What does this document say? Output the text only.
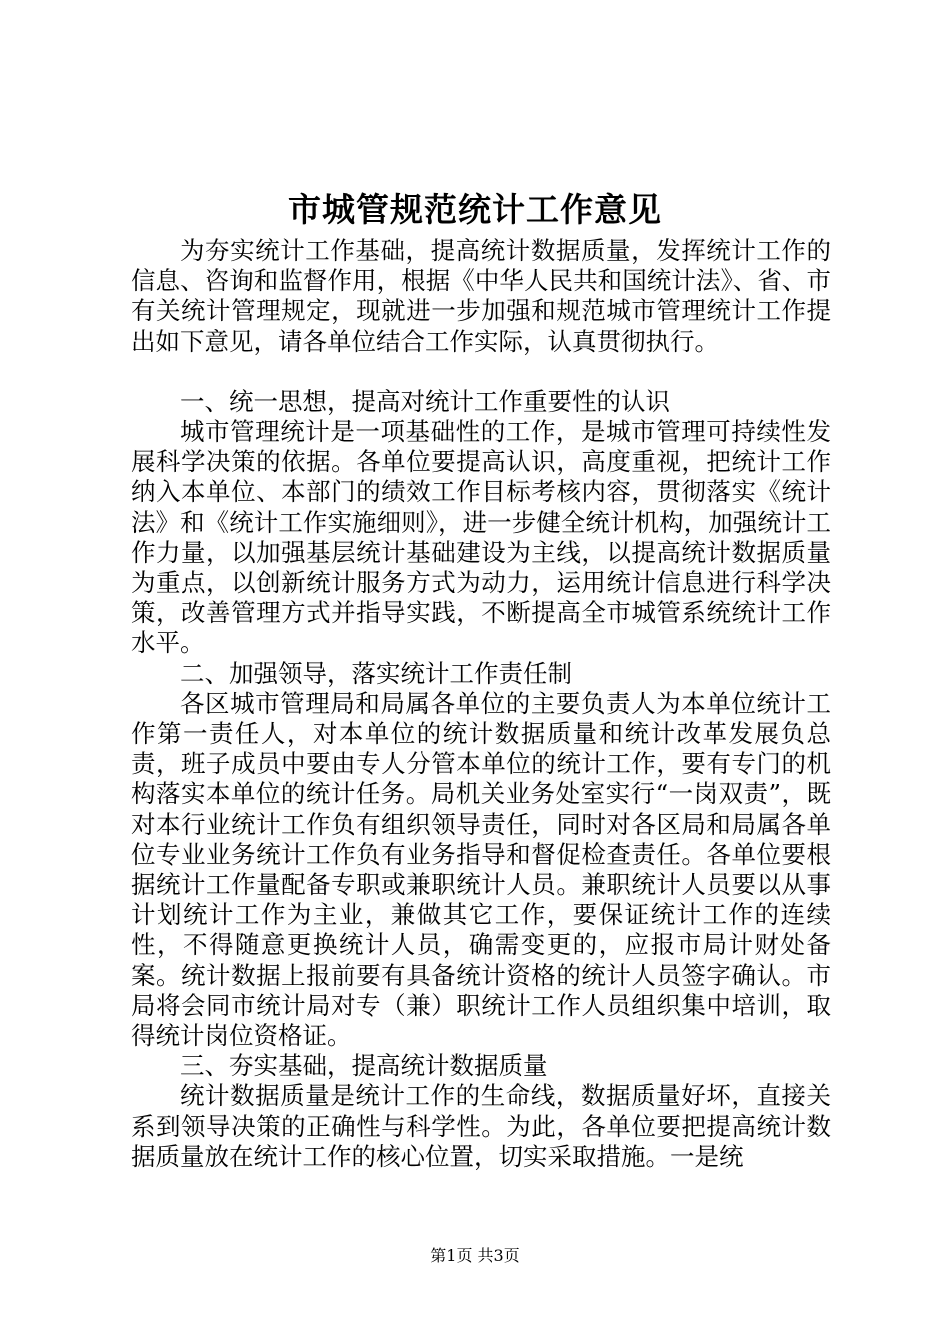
市城管规范统计工作意见

为夯实统计工作基础，提高统计数据质量，发挥统计工作的信息、咨询和监督作用，根据《中华人民共和国统计法》、省、市有关统计管理规定，现就进一步加强和规范城市管理统计工作提出如下意见，请各单位结合工作实际，认真贯彻执行。

一、统一思想，提高对统计工作重要性的认识

城市管理统计是一项基础性的工作，是城市管理可持续性发展科学决策的依据。各单位要提高认识，高度重视，把统计工作纳入本单位、本部门的绩效工作目标考核内容，贯彻落实《统计法》和《统计工作实施细则》，进一步健全统计机构，加强统计工作力量，以加强基层统计基础建设为主线，以提高统计数据质量为重点，以创新统计服务方式为动力，运用统计信息进行科学决策，改善管理方式并指导实践，不断提高全市城管系统统计工作水平。

二、加强领导，落实统计工作责任制

各区城市管理局和局属各单位的主要负责人为本单位统计工作第一责任人，对本单位的统计数据质量和统计改革发展负总责，班子成员中要由专人分管本单位的统计工作，要有专门的机构落实本单位的统计任务。局机关业务处室实行“一岗双责”，既对本行业统计工作负有组织领导责任，同时对各区局和局属各单位专业业务统计工作负有业务指导和督促检查责任。各单位要根据统计工作量配备专职或兼职统计人员。兼职统计人员要以从事计划统计工作为主业，兼做其它工作，要保证统计工作的连续性，不得随意更换统计人员，确需变更的，应报市局计财处备案。统计数据上报前要有具备统计资格的统计人员签字确认。市局将会同市统计局对专（兼）职统计工作人员组织集中培训，取得统计岗位资格证。

三、夯实基础，提高统计数据质量

统计数据质量是统计工作的生命线，数据质量好坏，直接关系到领导决策的正确性与科学性。为此，各单位要把提高统计数据质量放在统计工作的核心位置，切实采取措施。一是统

第1页 共3页
